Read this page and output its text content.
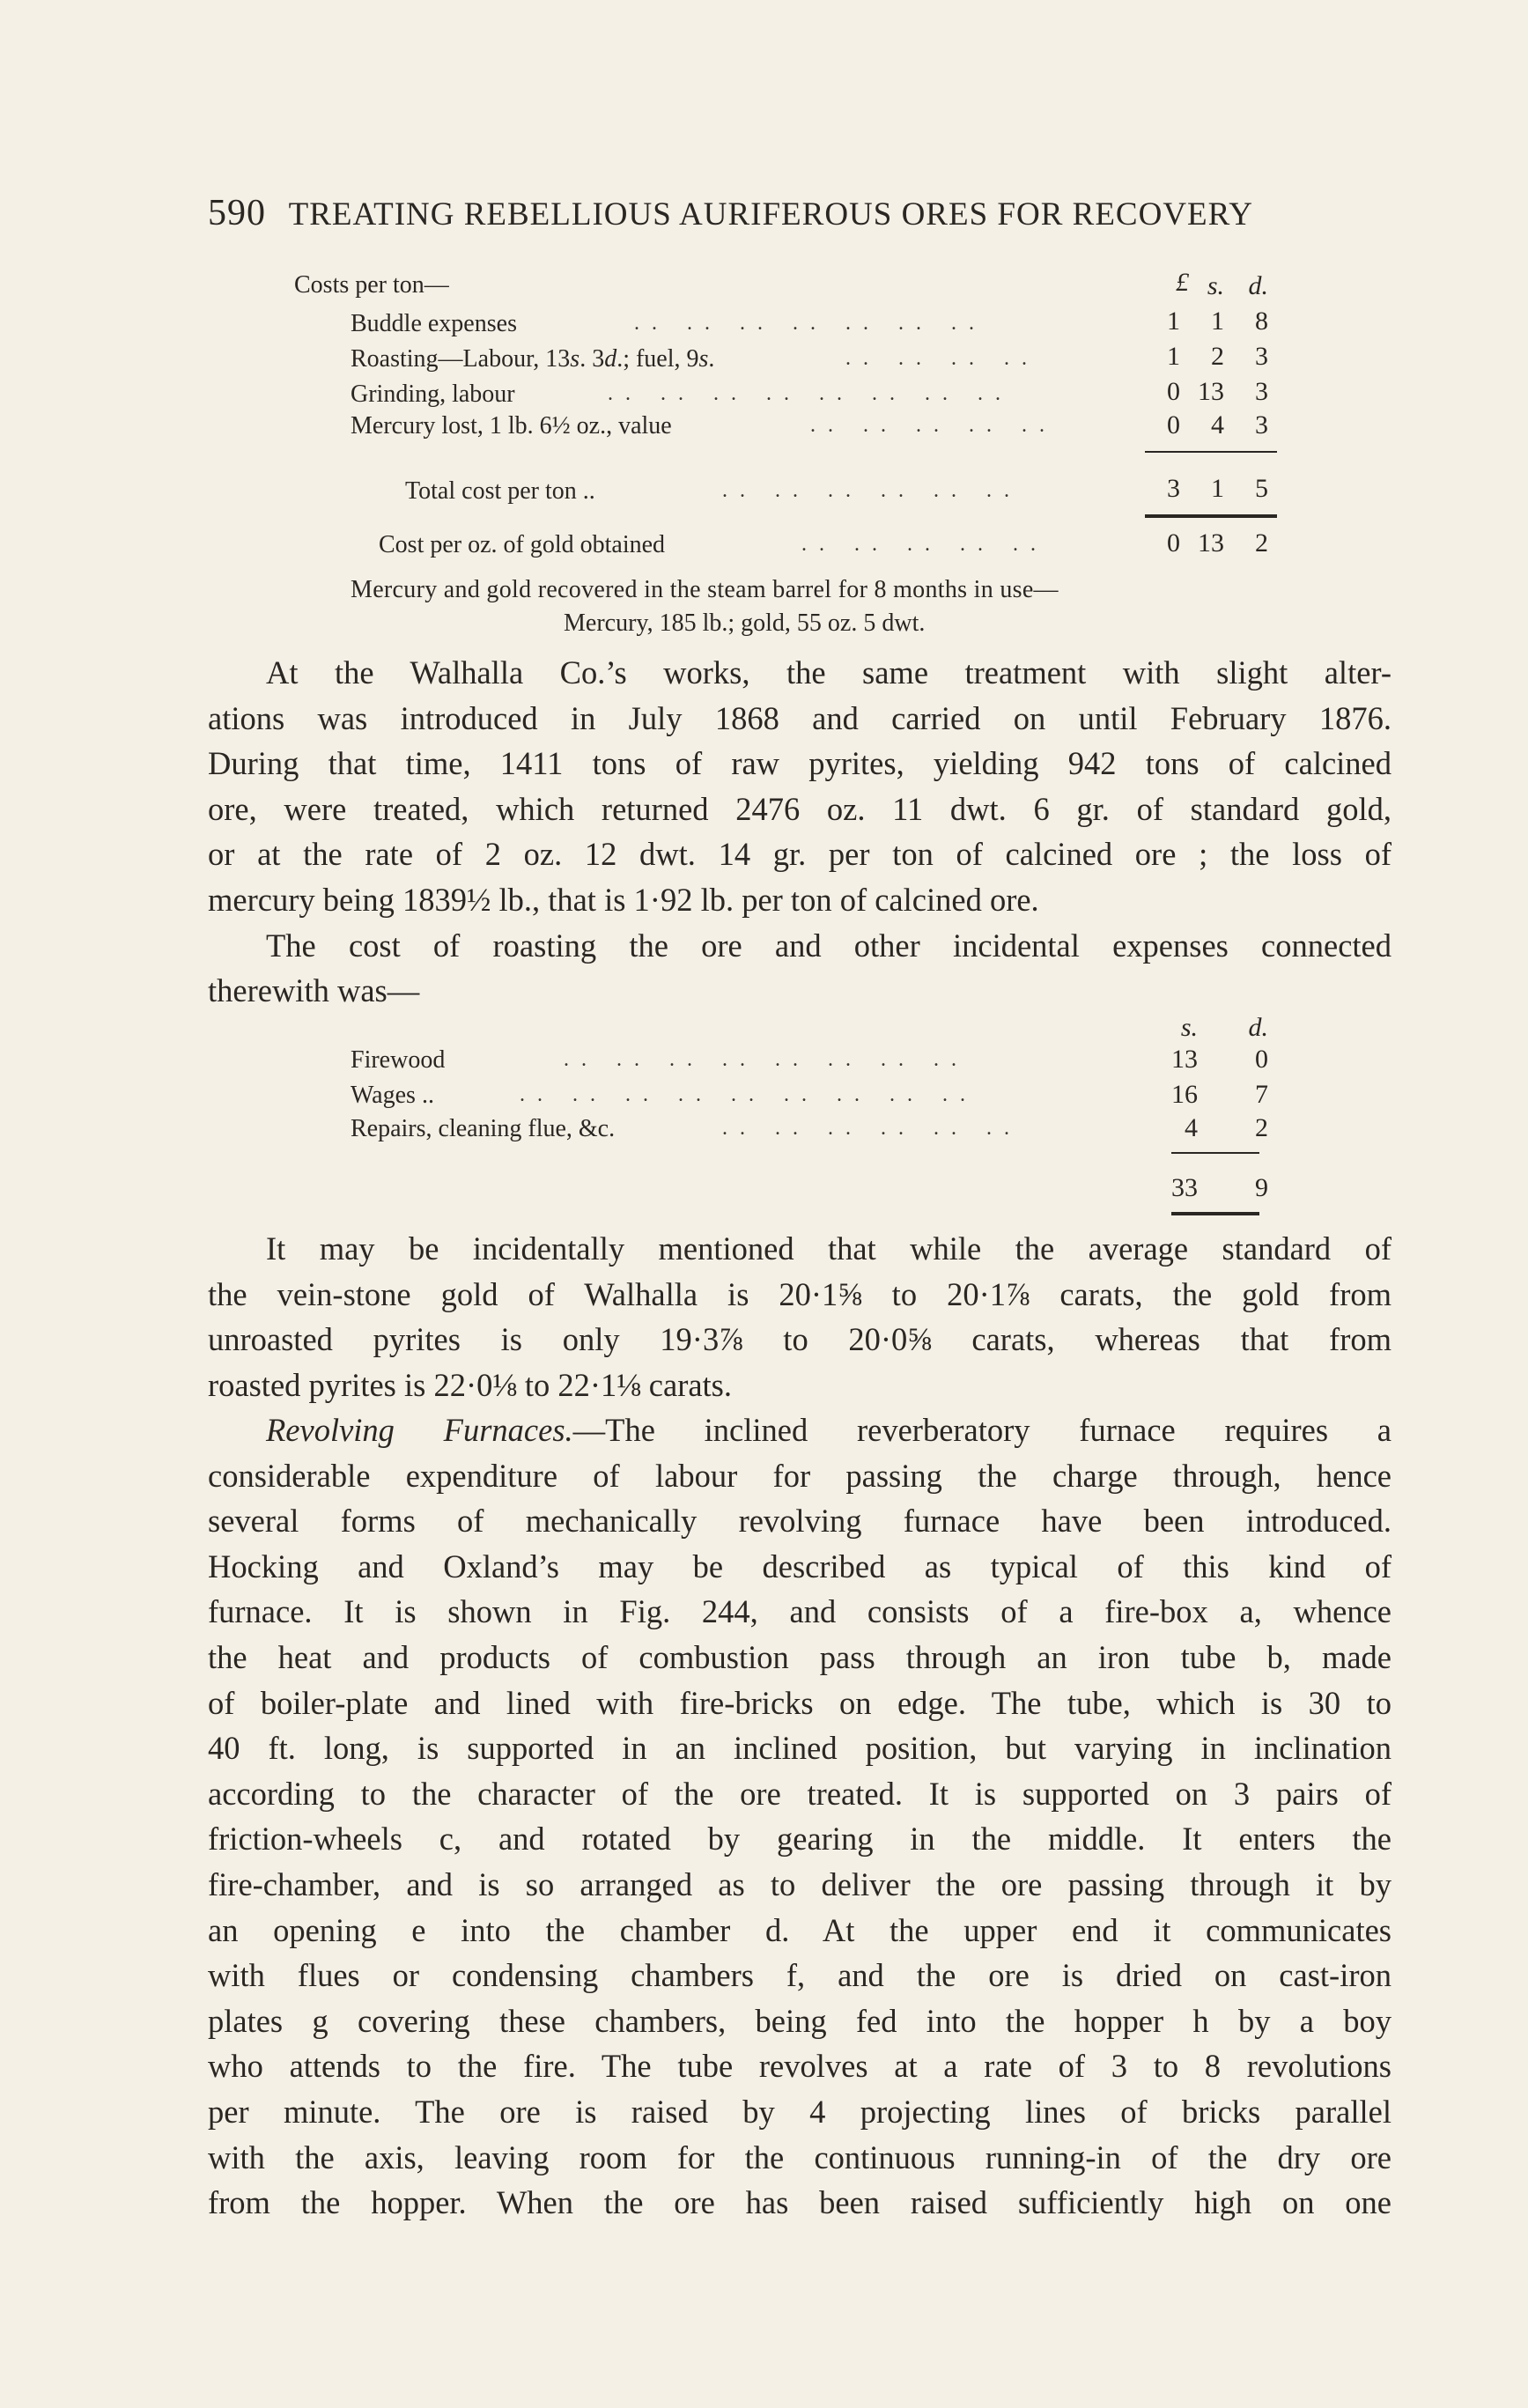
590 TREATING REBELLIOUS AURIFEROUS ORES FOR RECOVERY
Costs per ton—	£ s. d.
Buddle expenses	.. .. .. .. .. .. ..	1	1	8
Roasting—Labour, 13s. 3d.; fuel, 9s.	.. .. .. ..	1	2	3
Grinding, labour	.. .. .. .. .. .. .. ..	0 13	3
Mercury lost, 1 lb. 6½ oz., value	.. .. .. .. ..	0	4	3
Total cost per ton ..	.. .. .. .. .. ..	3	1	5
Cost per oz. of gold obtained	.. .. .. .. ..	0 13	2
Mercury and gold recovered in the steam barrel for 8 months in use—
Mercury, 185 lb.; gold, 55 oz. 5 dwt.
At the Walhalla Co.’s works, the same treatment with slight alter-
ations was introduced in July 1868 and carried on until February 1876.
During that time, 1411 tons of raw pyrites, yielding 942 tons of calcined
ore, were treated, which returned 2476 oz. 11 dwt. 6 gr. of standard gold,
or at the rate of 2 oz. 12 dwt. 14 gr. per ton of calcined ore ; the loss of
mercury being 1839½ lb., that is 1·92 lb. per ton of calcined ore.
The cost of roasting the ore and other incidental expenses connected
therewith was—
s. d.
Firewood	.. .. .. .. .. .. .. ..	13	0
Wages ..	.. .. .. .. .. .. .. .. ..	16	7
Repairs, cleaning flue, &c.	.. .. .. .. .. ..	4	2
33	9
It may be incidentally mentioned that while the average standard of
the vein-stone gold of Walhalla is 20·1⅝ to 20·1⅞ carats, the gold from
unroasted pyrites is only 19·3⅞ to 20·0⅝ carats, whereas that from
roasted pyrites is 22·0⅛ to 22·1⅛ carats.
Revolving Furnaces.—The inclined reverberatory furnace requires a
considerable expenditure of labour for passing the charge through, hence
several forms of mechanically revolving furnace have been introduced.
Hocking and Oxland’s may be described as typical of this kind of
furnace. It is shown in Fig. 244, and consists of a fire-box a, whence
the heat and products of combustion pass through an iron tube b, made
of boiler-plate and lined with fire-bricks on edge. The tube, which is 30 to
40 ft. long, is supported in an inclined position, but varying in inclination
according to the character of the ore treated. It is supported on 3 pairs of
friction-wheels c, and rotated by gearing in the middle. It enters the
fire-chamber, and is so arranged as to deliver the ore passing through it by
an opening e into the chamber d. At the upper end it communicates
with flues or condensing chambers f, and the ore is dried on cast-iron
plates g covering these chambers, being fed into the hopper h by a boy
who attends to the fire. The tube revolves at a rate of 3 to 8 revolutions
per minute. The ore is raised by 4 projecting lines of bricks parallel
with the axis, leaving room for the continuous running-in of the dry ore
from the hopper. When the ore has been raised sufficiently high on one
